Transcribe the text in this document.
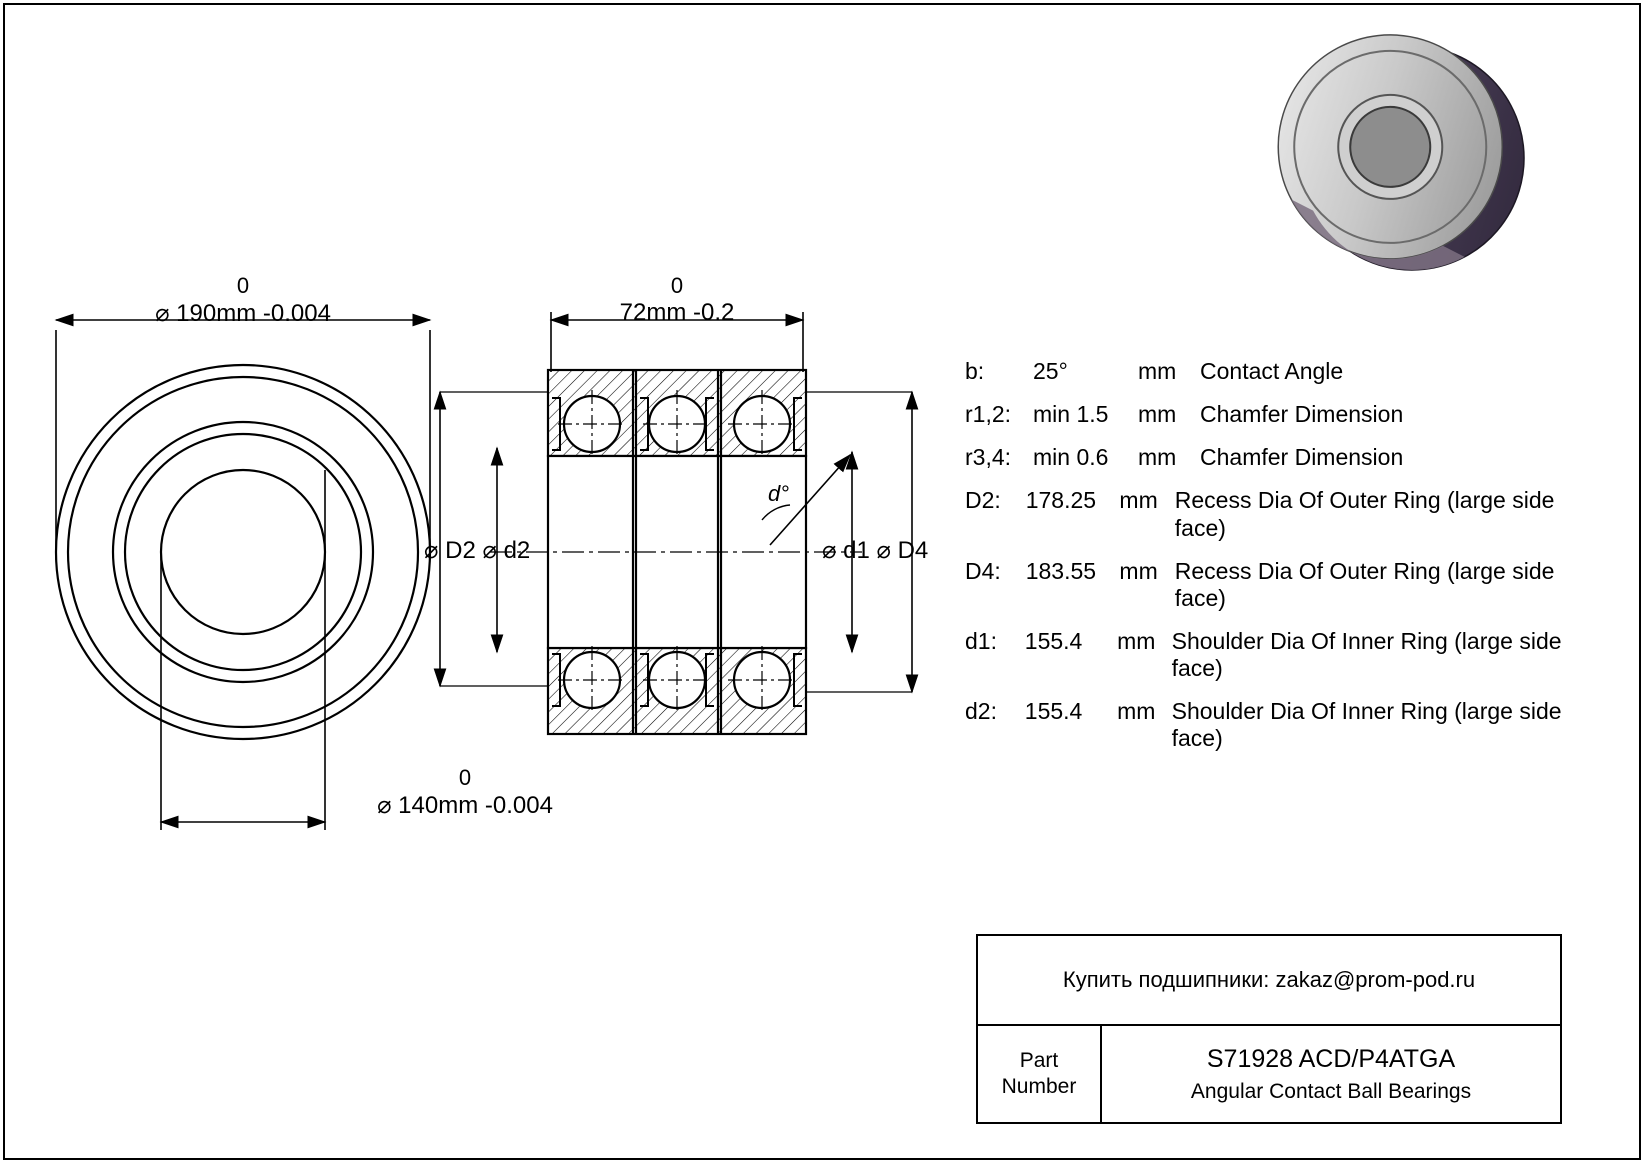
0
⌀ 190mm -0.004
0
⌀ 140mm -0.004
0
72mm -0.2
⌀ D2 ⌀ d2	⌀ d1 ⌀ D4
d°
b:	25°	mm	Contact Angle
r1,2: min 1.5	mm	Chamfer Dimension
r3,4: min 0.6	mm	Chamfer Dimension
D2:	178.25	mm Recess Dia Of Outer Ring (large side face)
D4:	183.55	mm Recess Dia Of Outer Ring (large side face)
d1:	155.4	mm Shoulder Dia Of Inner Ring (large side face)
d2:	155.4	mm Shoulder Dia Of Inner Ring (large side face)
Купить подшипники: zakaz@prom-pod.ru
Part
Number
S71928 ACD/P4ATGA
Angular Contact Ball Bearings
